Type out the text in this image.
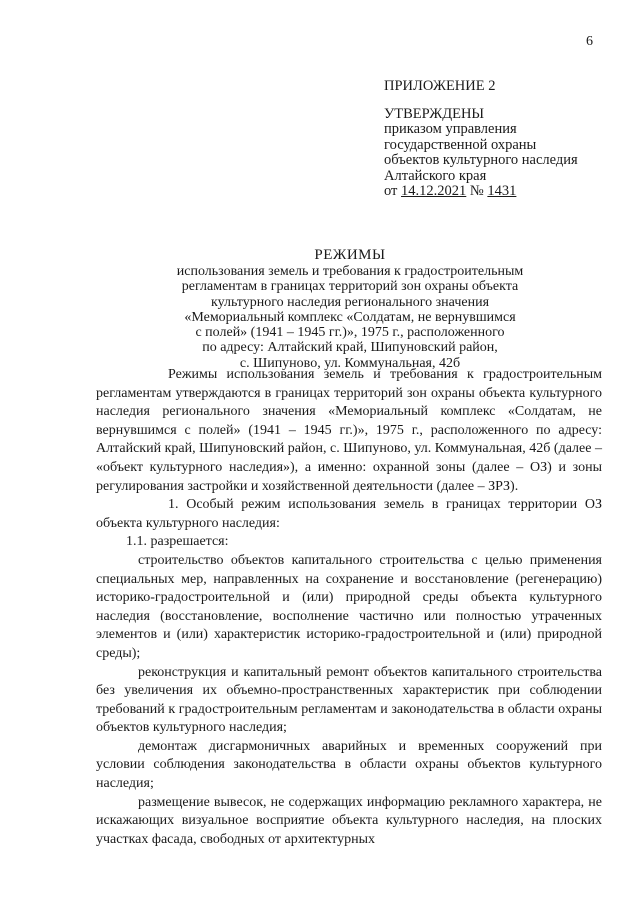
6
ПРИЛОЖЕНИЕ 2
УТВЕРЖДЕНЫ
приказом управления
государственной охраны
объектов культурного наследия
Алтайского края
от 14.12.2021 № 1431
РЕЖИМЫ
использования земель и требования к градостроительным
регламентам в границах территорий зон охраны объекта
культурного наследия регионального значения
«Мемориальный комплекс «Солдатам, не вернувшимся
с полей» (1941 – 1945 гг.)», 1975 г., расположенного
по адресу: Алтайский край, Шипуновский район,
с. Шипуново, ул. Коммунальная, 42б

Режимы использования земель и требования к градостроительным регламентам утверждаются в границах территорий зон охраны объекта культурного наследия регионального значения «Мемориальный комплекс «Солдатам, не вернувшимся с полей» (1941 – 1945 гг.)», 1975 г., расположенного по адресу: Алтайский край, Шипуновский район, с. Шипуново, ул. Коммунальная, 42б (далее – «объект культурного наследия»), а именно: охранной зоны (далее – ОЗ) и зоны регулирования застройки и хозяйственной деятельности (далее – ЗРЗ).

1. Особый режим использования земель в границах территории ОЗ объекта культурного наследия:

1.1. разрешается:

строительство объектов капитального строительства с целью применения специальных мер, направленных на сохранение и восстановление (регенерацию) историко-градостроительной и (или) природной среды объекта культурного наследия (восстановление, восполнение частично или полностью утраченных элементов и (или) характеристик историко-градостроительной и (или) природной среды);

реконструкция и капитальный ремонт объектов капитального строительства без увеличения их объемно-пространственных характеристик при соблюдении требований к градостроительным регламентам и законодательства в области охраны объектов культурного наследия;

демонтаж дисгармоничных аварийных и временных сооружений при условии соблюдения законодательства в области охраны объектов культурного наследия;

размещение вывесок, не содержащих информацию рекламного характера, не искажающих визуальное восприятие объекта культурного наследия, на плоских участках фасада, свободных от архитектурных
